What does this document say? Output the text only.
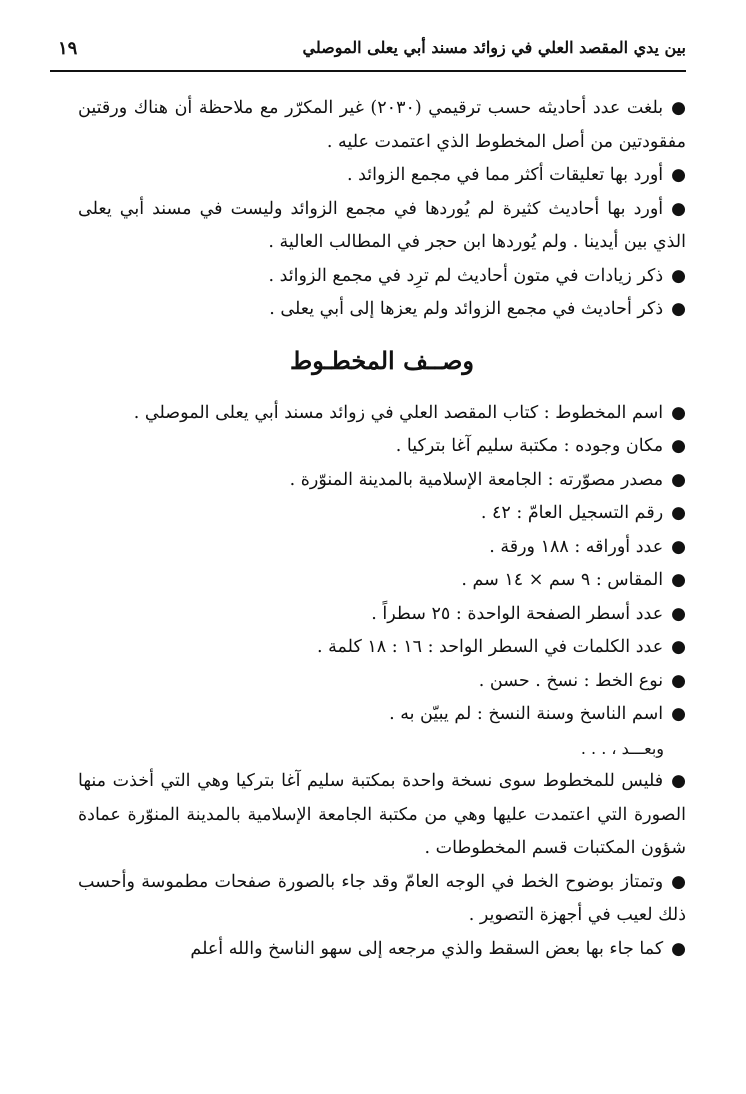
بين يدي المقصد العلي في زوائد مسند أبي يعلى الموصلي
١٩

● بلغت عدد أحاديثه حسب ترقيمي (٢٠٣٠) غير المكرّر مع ملاحظة أن هناك ورقتين مفقودتين من أصل المخطوط الذي اعتمدت عليه .

● أورد بها تعليقات أكثر مما في مجمع الزوائد .

● أورد بها أحاديث كثيرة لم يُوردها في مجمع الزوائد وليست في مسند أبي يعلى الذي بين أيدينا . ولم يُوردها ابن حجر في المطالب العالية .

● ذكر زيادات في متون أحاديث لم ترِد في مجمع الزوائد .

● ذكر أحاديث في مجمع الزوائد ولم يعزها إلى أبي يعلى .

وصــف المخطـوط

● اسم المخطوط : كتاب المقصد العلي في زوائد مسند أبي يعلى الموصلي .

● مكان وجوده : مكتبة سليم آغا بتركيا .

● مصدر مصوّرته : الجامعة الإسلامية بالمدينة المنوّرة .

● رقم التسجيل العامّ : ٤٢ .

● عدد أوراقه : ١٨٨ ورقة .

● المقاس : ٩ سم × ١٤ سم .

● عدد أسطر الصفحة الواحدة : ٢٥ سطراً .

● عدد الكلمات في السطر الواحد : ١٦ : ١٨ كلمة .

● نوع الخط : نسخ . حسن .

● اسم الناسخ وسنة النسخ : لم يبيّن به .

وبعـــد ، . . .

● فليس للمخطوط سوى نسخة واحدة بمكتبة سليم آغا بتركيا وهي التي أخذت منها الصورة التي اعتمدت عليها وهي من مكتبة الجامعة الإسلامية بالمدينة المنوّرة عمادة شؤون المكتبات قسم المخطوطات .

● وتمتاز بوضوح الخط في الوجه العامّ وقد جاء بالصورة صفحات مطموسة وأحسب ذلك لعيب في أجهزة التصوير .

● كما جاء بها بعض السقط والذي مرجعه إلى سهو الناسخ والله أعلم
